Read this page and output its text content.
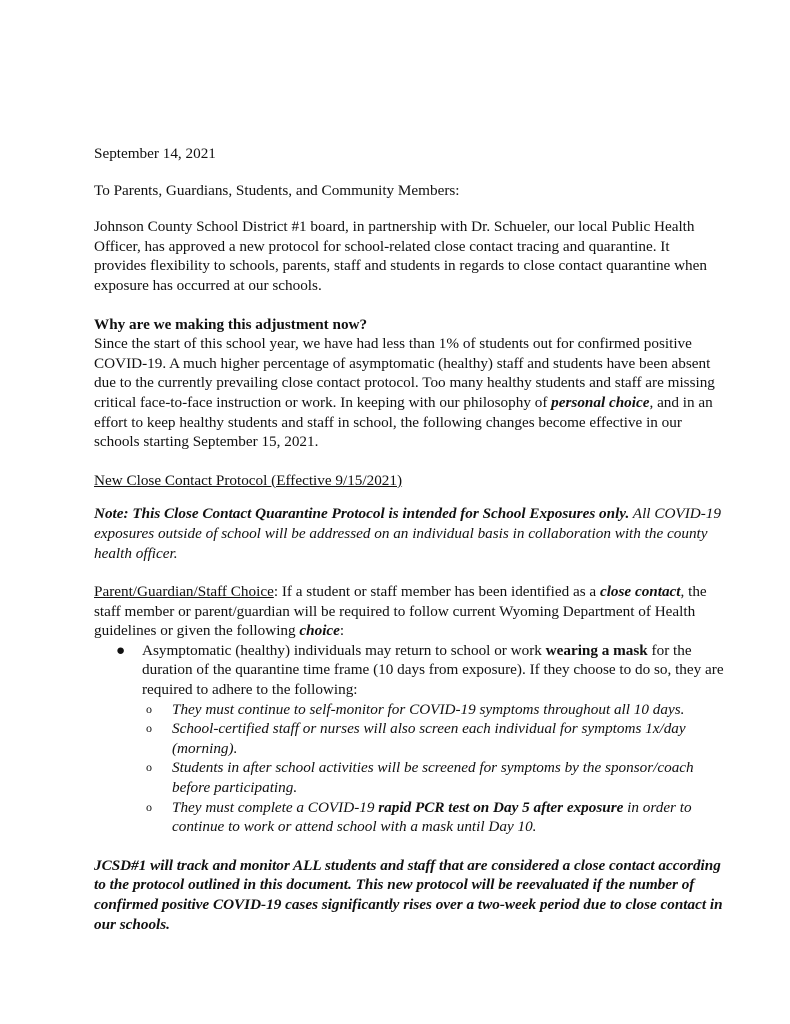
September 14, 2021

To Parents, Guardians, Students, and Community Members:

Johnson County School District #1 board, in partnership with Dr. Schueler, our local Public Health Officer, has approved a new protocol for school-related close contact tracing and quarantine. It provides flexibility to schools, parents, staff and students in regards to close contact quarantine when exposure has occurred at our schools.

Why are we making this adjustment now?

Since the start of this school year, we have had less than 1% of students out for confirmed positive COVID-19. A much higher percentage of asymptomatic (healthy) staff and students have been absent due to the currently prevailing close contact protocol. Too many healthy students and staff are missing critical face-to-face instruction or work. In keeping with our philosophy of personal choice, and in an effort to keep healthy students and staff in school, the following changes become effective in our schools starting September 15, 2021.

New Close Contact Protocol (Effective 9/15/2021)

Note: This Close Contact Quarantine Protocol is intended for School Exposures only. All COVID-19 exposures outside of school will be addressed on an individual basis in collaboration with the county health officer.

Parent/Guardian/Staff Choice: If a student or staff member has been identified as a close contact, the staff member or parent/guardian will be required to follow current Wyoming Department of Health guidelines or given the following choice:

● Asymptomatic (healthy) individuals may return to school or work wearing a mask for the duration of the quarantine time frame (10 days from exposure). If they choose to do so, they are required to adhere to the following:
o They must continue to self-monitor for COVID-19 symptoms throughout all 10 days.
o School-certified staff or nurses will also screen each individual for symptoms 1x/day (morning).
o Students in after school activities will be screened for symptoms by the sponsor/coach before participating.
o They must complete a COVID-19 rapid PCR test on Day 5 after exposure in order to continue to work or attend school with a mask until Day 10.

JCSD#1 will track and monitor ALL students and staff that are considered a close contact according to the protocol outlined in this document. This new protocol will be reevaluated if the number of confirmed positive COVID-19 cases significantly rises over a two-week period due to close contact in our schools.
